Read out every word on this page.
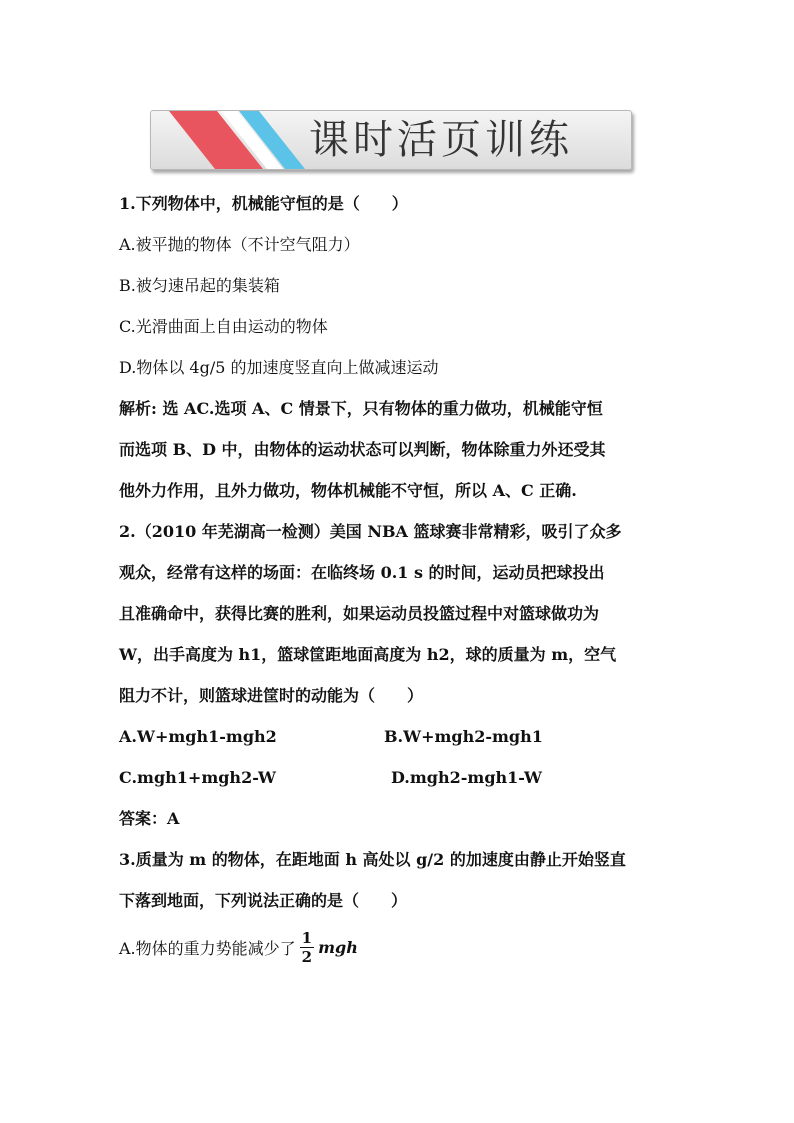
课时活页训练
1.下列物体中，机械能守恒的是（　　）
A.被平抛的物体（不计空气阻力）
B.被匀速吊起的集装箱
C.光滑曲面上自由运动的物体
D.物体以 4g/5 的加速度竖直向上做减速运动
解析: 选 AC.选项 A、C 情景下，只有物体的重力做功，机械能守恒
而选项 B、D 中，由物体的运动状态可以判断，物体除重力外还受其
他外力作用，且外力做功，物体机械能不守恒，所以 A、C 正确.
2.（2010 年芜湖高一检测）美国 NBA 篮球赛非常精彩，吸引了众多
观众，经常有这样的场面：在临终场 0.1 s 的时间，运动员把球投出
且准确命中，获得比赛的胜利，如果运动员投篮过程中对篮球做功为
W，出手高度为 h1，篮球筐距地面高度为 h2，球的质量为 m，空气
阻力不计，则篮球进筐时的动能为（　　）
A.W+mgh1-mgh2	B.W+mgh2-mgh1
C.mgh1+mgh2-W	D.mgh2-mgh1-W
答案：A
3.质量为 m 的物体，在距地面 h 高处以 g/2 的加速度由静止开始竖直
下落到地面，下列说法正确的是（　　）
A.物体的重力势能减少了 $\frac{1}{2}$ mgh
